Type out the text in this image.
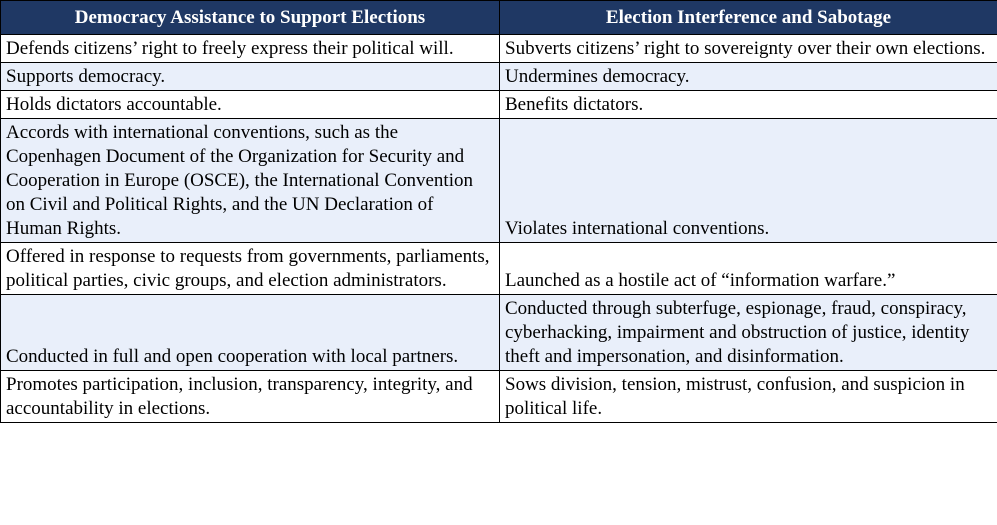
Democracy Assistance to Support Elections	Election Interference and Sabotage
Defends citizens’ right to freely express their political will.	Subverts citizens’ right to sovereignty over their own elections.
Supports democracy.	Undermines democracy.
Holds dictators accountable.	Benefits dictators.
Accords with international conventions, such as the Copenhagen Document of the Organization for Security and Cooperation in Europe (OSCE), the International Convention on Civil and Political Rights, and the UN Declaration of Human Rights.	Violates international conventions.
Offered in response to requests from governments, parliaments, political parties, civic groups, and election administrators.	Launched as a hostile act of “information warfare.”
Conducted in full and open cooperation with local partners.	Conducted through subterfuge, espionage, fraud, conspiracy, cyberhacking, impairment and obstruction of justice, identity theft and impersonation, and disinformation.
Promotes participation, inclusion, transparency, integrity, and accountability in elections.	Sows division, tension, mistrust, confusion, and suspicion in political life.
